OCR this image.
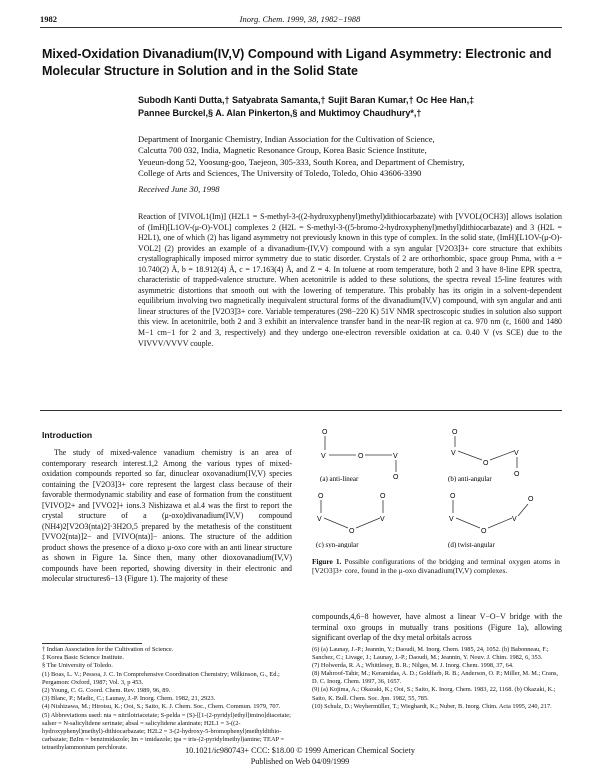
1982	Inorg. Chem. 1999, 38, 1982−1988
Mixed-Oxidation Divanadium(IV,V) Compound with Ligand Asymmetry: Electronic and
Molecular Structure in Solution and in the Solid State
Subodh Kanti Dutta,† Satyabrata Samanta,† Sujit Baran Kumar,† Oc Hee Han,‡
Pannee Burckel,§ A. Alan Pinkerton,§ and Muktimoy Chaudhury*,†
Department of Inorganic Chemistry, Indian Association for the Cultivation of Science,
Calcutta 700 032, India, Magnetic Resonance Group, Korea Basic Science Institute,
Yeueun-dong 52, Yoosung-goo, Taejeon, 305-333, South Korea, and Department of Chemistry,
College of Arts and Sciences, The University of Toledo, Toledo, Ohio 43606-3390
Received June 30, 1998
Reaction of [VIVOL1(Im)] (H2L1 = S-methyl-3-((2-hydroxyphenyl)methyl)dithiocarbazate) with [VVOL(OCH3)] allows isolation of (ImH)[L1OV-(μ-O)-VOL] complexes 2 (H2L = S-methyl-3-((5-bromo-2-hydroxyphenyl)methyl)dithiocarbazate) and 3 (H2L = H2L1), one of which (2) has ligand asymmetry not previously known in this type of complex. In the solid state, (ImH)[L1OV-(μ-O)-VOL2] (2) provides an example of a divanadium-(IV,V) compound with a syn angular [V2O3]3+ core structure that exhibits crystallographically imposed mirror symmetry due to static disorder. Crystals of 2 are orthorhombic, space group Pnma, with a = 10.740(2) Å, b = 18.912(4) Å, c = 17.163(4) Å, and Z = 4. In toluene at room temperature, both 2 and 3 have 8-line EPR spectra, characteristic of trapped-valence structure. When acetonitrile is added to these solutions, the spectra reveal 15-line features with asymmetric distortions that smooth out with the lowering of temperature. This probably has its origin in a solvent-dependent equilibrium involving two magnetically inequivalent structural forms of the divanadium(IV,V) compound, with syn angular and anti linear structures of the [V2O3]3+ core. Variable temperatures (298−220 K) 51V NMR spectroscopic studies in solution also support this view. In acetonitrile, both 2 and 3 exhibit an intervalence transfer band in the near-IR region at ca. 970 nm (ε, 1600 and 1480 M−1 cm−1 for 2 and 3, respectively) and they undergo one-electron reversible oxidation at ca. 0.40 V (vs SCE) due to the VIVVV/VVVV couple.
Introduction
The study of mixed-valence vanadium chemistry is an area of contemporary research interest.1,2 Among the various types of mixed-oxidation compounds reported so far, dinuclear oxovanadium(IV,V) species containing the [V2O3]3+ core represent the largest class because of their favorable thermodynamic stability and ease of formation from the constituent [VIVO]2+ and [VVO2]+ ions.3 Nishizawa et al.4 was the first to report the crystal structure of a (μ-oxo)divanadium(IV,V) compound (NH4)2[V2O3(nta)2]·3H2O,5 prepared by the metathesis of the constituent [VVO2(nta)]2− and [VIVO(nta)]− anions. The structure of the addition product shows the presence of a dioxo μ-oxo core with an anti linear structure as shown in Figure 1a. Since then, many other dioxovanadium(IV,V) compounds have been reported, showing diversity in their electronic and molecular structures6−13 (Figure 1). The majority of these
O
V	O	V
O
(a) anti-linear
O
V
O
V
O
(b) anti-angular
O
V
O
V
O
(c) syn-angular
O
V
O
V
O
(d) twist-angular
Figure 1. Possible configurations of the bridging and terminal oxygen atoms in [V2O3]3+ core, found in the μ-oxo divanadium(IV,V) complexes.
compounds,4,6−8 however, have almost a linear V−O−V bridge with the terminal oxo groups in mutually trans positions (Figure 1a), allowing significant overlap of the dxy metal orbitals across

† Indian Association for the Cultivation of Science.

‡ Korea Basic Science Institute.

§ The University of Toledo.

(1) Boas, L. V.; Pessoa, J. C. In Comprehensive Coordination Chemistry; Wilkinson, G., Ed.; Pergamon: Oxford, 1987; Vol. 3, p 453.

(2) Young, C. G. Coord. Chem. Rev. 1989, 96, 89.

(3) Blanc, P.; Madic, C.; Launay, J.-P. Inorg. Chem. 1982, 21, 2923.

(4) Nishizawa, M.; Hirotsu, K.; Ooi, S.; Saito, K. J. Chem. Soc., Chem. Commun. 1979, 707.

(5) Abbreviations used: nta = nitrilotriacetate; S-pelda = (S)-[[1-(2-pyridyl)ethyl]imino]diacetate; salser = N-salicylidene serinate; absal = salicylidene alaninate; H2L1 = 3-((2-hydroxyphenyl)methyl)-dithiocarbazate; H2L2 = 3-(2-hydroxy-5-bromophenyl)methyldithio-carbazate; BzIm = benzimidazole; Im = imidazole; tpa = tris-(2-pyridylmethyl)amine; TEAP = tetraethylammonium perchlorate.

(6) (a) Launay, J.-P.; Jeannin, Y.; Daoudi, M. Inorg. Chem. 1985, 24, 1052. (b) Babonneau, F.; Sanchez, C.; Livage, J.; Launay, J.-P.; Daoudi, M.; Jeannin, Y. Nouv. J. Chim. 1982, 6, 353.

(7) Holwerda, R. A.; Whittlesey, B. R.; Nilges, M. J. Inorg. Chem. 1998, 37, 64.

(8) Mahroof-Tahir, M.; Keramidas, A. D.; Goldfarb, R. B.; Anderson, O. P.; Miller, M. M.; Crans, D. C. Inorg. Chem. 1997, 36, 1657.

(9) (a) Kojima, A.; Okazaki, K.; Ooi, S.; Saito, K. Inorg. Chem. 1983, 22, 1168. (b) Okazaki, K.; Saito, K. Bull. Chem. Soc. Jpn. 1982, 55, 785.

(10) Schulz, D.; Weyhermüller, T.; Wieghardt, K.; Nuber, B. Inorg. Chim. Acta 1995, 240, 217.

10.1021/ic980743+ CCC: $18.00 © 1999 American Chemical Society
Published on Web 04/09/1999
